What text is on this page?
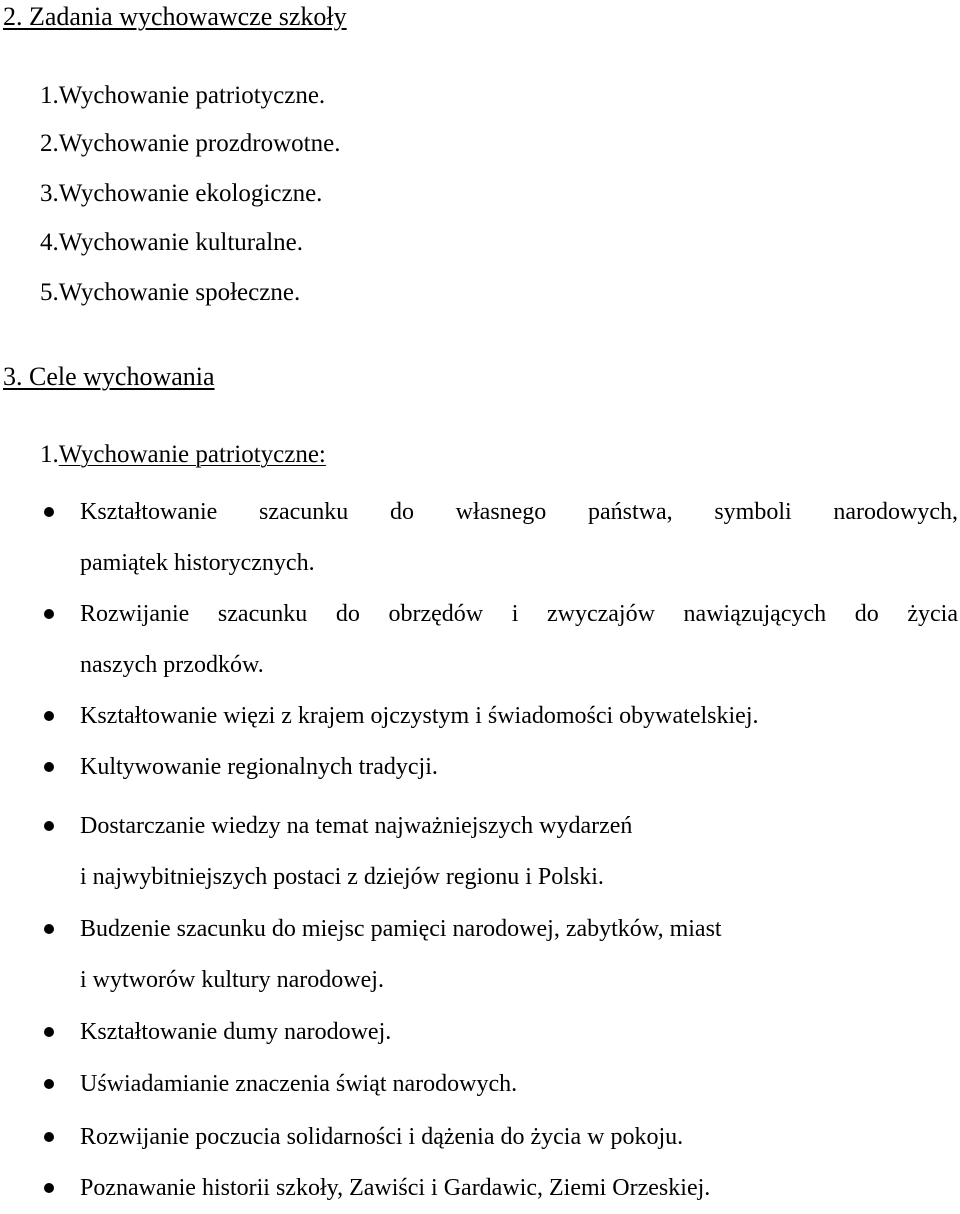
2. Zadania wychowawcze szkoły
1.Wychowanie patriotyczne.
2.Wychowanie prozdrowotne.
3.Wychowanie ekologiczne.
4.Wychowanie kulturalne.
5.Wychowanie społeczne.
3. Cele wychowania
1.Wychowanie patriotyczne:
Kształtowanie szacunku do własnego państwa, symboli narodowych,
pamiątek historycznych.
Rozwijanie szacunku do obrzędów i zwyczajów nawiązujących do życia
naszych przodków.
Kształtowanie więzi z krajem ojczystym i świadomości obywatelskiej.
Kultywowanie regionalnych tradycji.
Dostarczanie wiedzy na temat najważniejszych wydarzeń
i najwybitniejszych postaci z dziejów regionu i Polski.
Budzenie szacunku do miejsc pamięci narodowej, zabytków, miast
i wytworów kultury narodowej.
Kształtowanie dumy narodowej.
Uświadamianie znaczenia świąt narodowych.
Rozwijanie poczucia solidarności i dążenia do życia w pokoju.
Poznawanie historii szkoły, Zawiści i Gardawic, Ziemi Orzeskiej.
